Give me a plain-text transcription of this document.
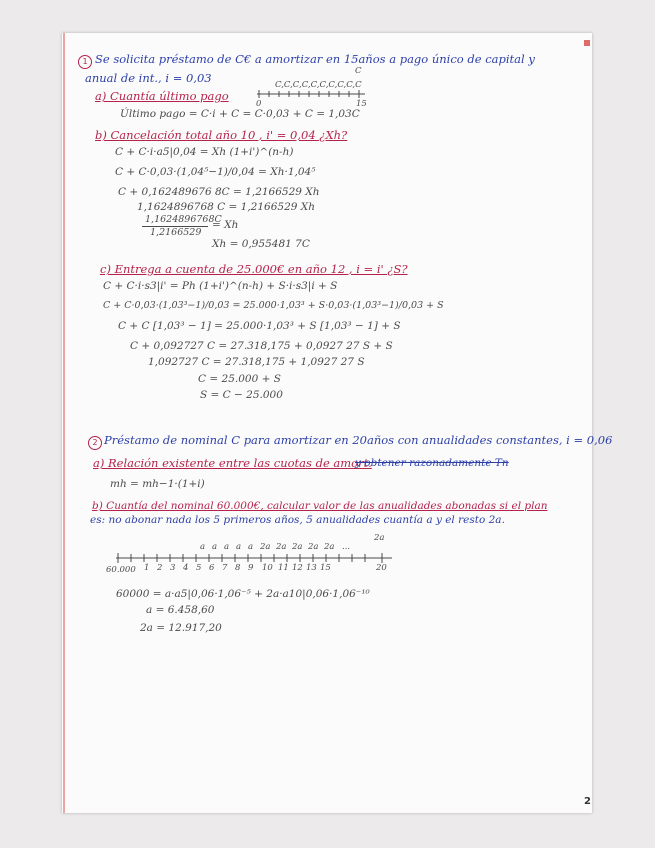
2
1 Se solicita préstamo de C€ a amortizar en 15años a pago único de capital y
anual de int., i = 0,03
a) Cuantía último pago
C,C,C,C,C,C,C,C,C,C
C
0	15
Último pago = C·i + C = C·0,03 + C = 1,03C
b) Cancelación total año 10 , i' = 0,04 ¿Xh?
C + C·i·a5|0,04 = Xh (1+i')^(n-h)
C + C·0,03·(1,04⁵−1)/0,04 = Xh·1,04⁵
C + 0,162489676 8C = 1,2166529 Xh
1,1624896768 C = 1,2166529 Xh
1,1624896768C
1,2166529
= Xh
Xh = 0,955481 7C
c) Entrega a cuenta de 25.000€ en año 12 , i = i' ¿S?
C + C·i·s3|i' = Ph (1+i')^(n-h) + S·i·s3|i + S
C + C·0,03·(1,03³−1)/0,03 = 25.000·1,03³ + S·0,03·(1,03³−1)/0,03 + S
C + C [1,03³ − 1] = 25.000·1,03³ + S [1,03³ − 1] + S
C + 0,092727 C = 27.318,175 + 0,0927 27 S + S
1,092727 C = 27.318,175 + 1,0927 27 S
C = 25.000 + S
S = C − 25.000
2 Préstamo de nominal C para amortizar en 20años con anualidades constantes, i = 0,06
a) Relación existente entre las cuotas de amort.
y obtener razonadamente Tn
mh = mh−1·(1+i)
b) Cuantía del nominal 60.000€, calcular valor de las anualidades abonadas si el plan
es: no abonar nada los 5 primeros años, 5 anualidades cuantía a y el resto 2a.
a a a a a 2a 2a 2a 2a 2a ...
2a
60.000 1 2 3 4 5 6 7 8 9 10 11 12 13 15	20
60000 = a·a5|0,06·1,06⁻⁵ + 2a·a10|0,06·1,06⁻¹⁰
a = 6.458,60
2a = 12.917,20
